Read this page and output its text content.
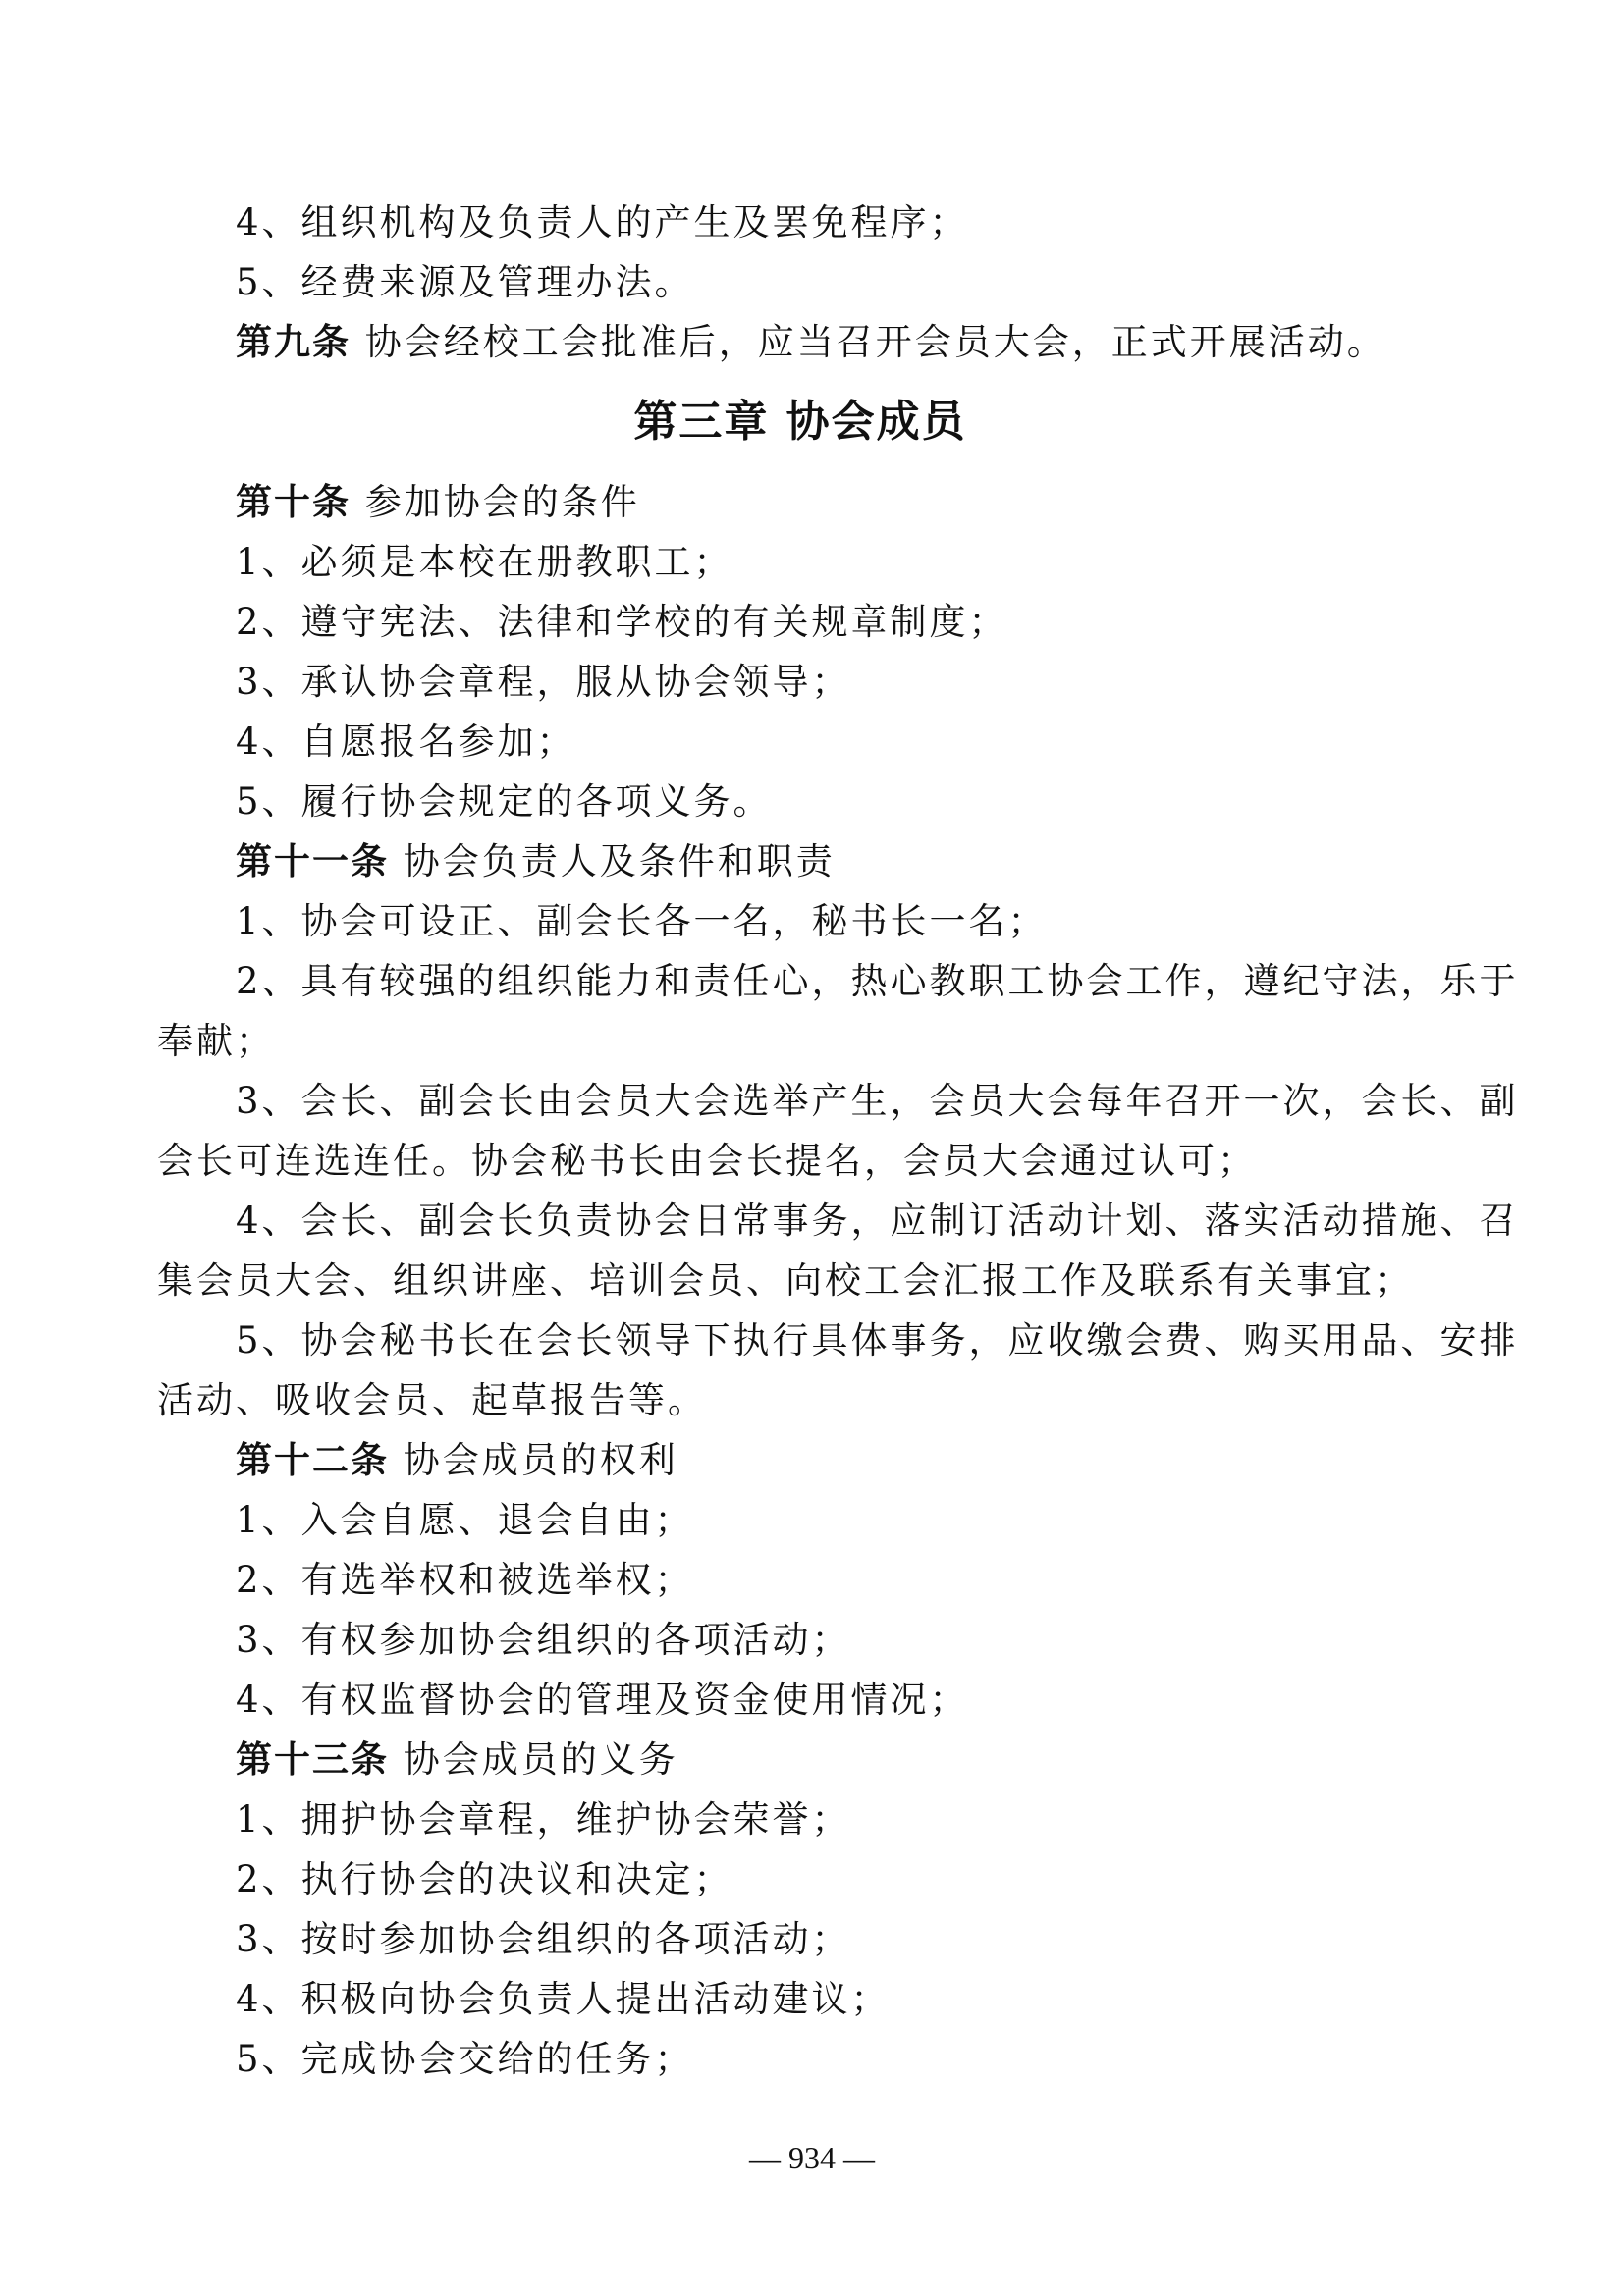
4、组织机构及负责人的产生及罢免程序；
5、经费来源及管理办法。
第九条 协会经校工会批准后，应当召开会员大会，正式开展活动。
第三章 协会成员
第十条 参加协会的条件
1、必须是本校在册教职工；
2、遵守宪法、法律和学校的有关规章制度；
3、承认协会章程，服从协会领导；
4、自愿报名参加；
5、履行协会规定的各项义务。
第十一条 协会负责人及条件和职责
1、协会可设正、副会长各一名，秘书长一名；
2、具有较强的组织能力和责任心，热心教职工协会工作，遵纪守法，乐于
奉献；
3、会长、副会长由会员大会选举产生，会员大会每年召开一次，会长、副
会长可连选连任。协会秘书长由会长提名，会员大会通过认可；
4、会长、副会长负责协会日常事务，应制订活动计划、落实活动措施、召
集会员大会、组织讲座、培训会员、向校工会汇报工作及联系有关事宜；
5、协会秘书长在会长领导下执行具体事务，应收缴会费、购买用品、安排
活动、吸收会员、起草报告等。
第十二条 协会成员的权利
1、入会自愿、退会自由；
2、有选举权和被选举权；
3、有权参加协会组织的各项活动；
4、有权监督协会的管理及资金使用情况；
第十三条 协会成员的义务
1、拥护协会章程，维护协会荣誉；
2、执行协会的决议和决定；
3、按时参加协会组织的各项活动；
4、积极向协会负责人提出活动建议；
5、完成协会交给的任务；
— 934 —
